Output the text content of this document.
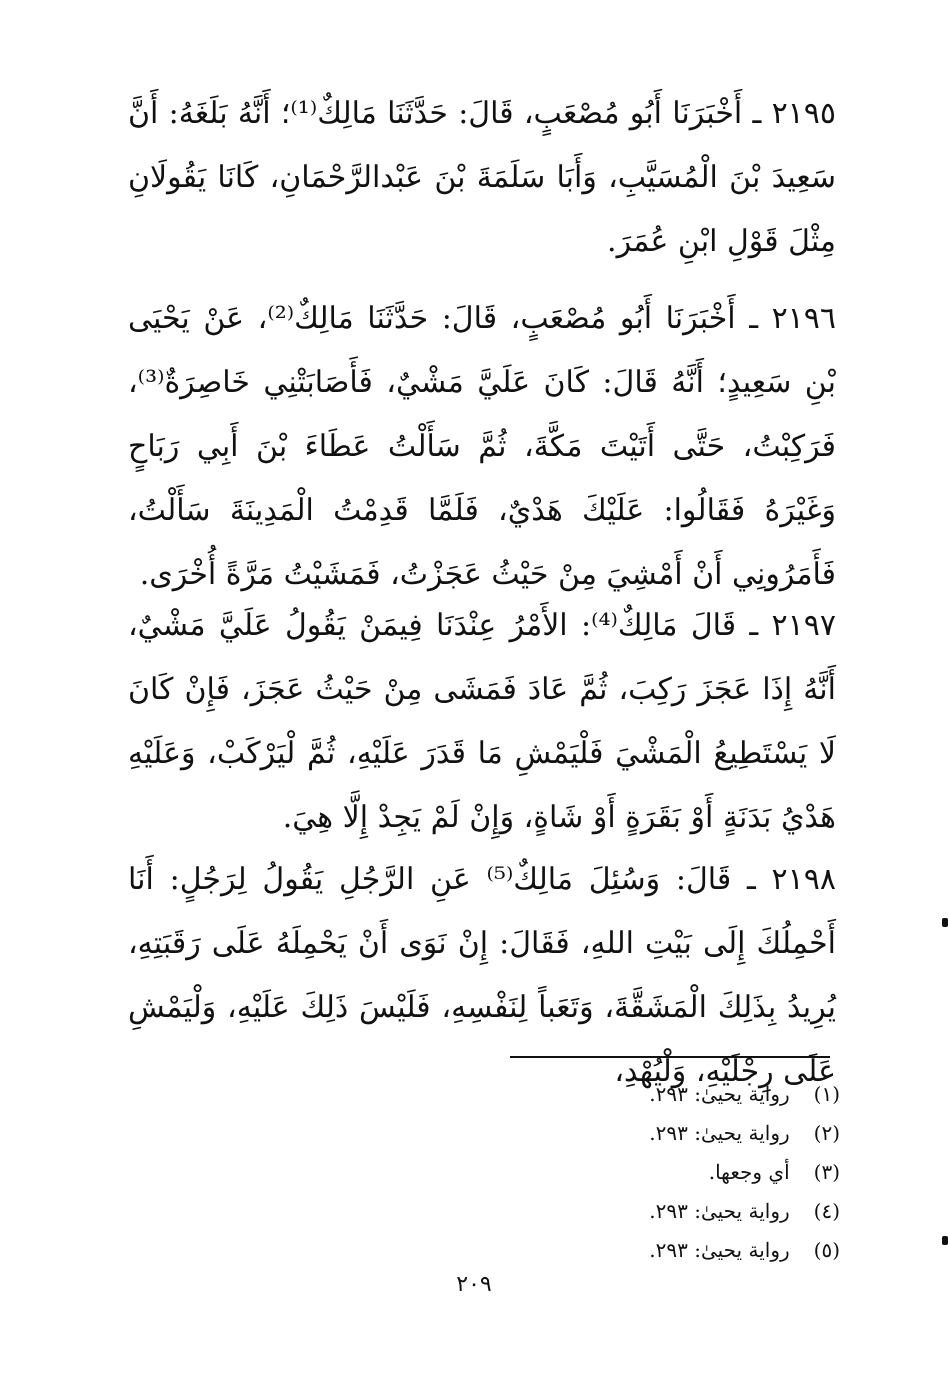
٢١٩٥ ـ أَخْبَرَنَا أَبُو مُصْعَبٍ، قَالَ: حَدَّثَنَا مَالِكٌ⁽¹⁾؛ أَنَّهُ بَلَغَهُ: أَنَّ سَعِيدَ بْنَ الْمُسَيَّبِ، وَأَبَا سَلَمَةَ بْنَ عَبْدالرَّحْمَانِ، كَانَا يَقُولَانِ مِثْلَ قَوْلِ ابْنِ عُمَرَ.

٢١٩٦ ـ أَخْبَرَنَا أَبُو مُصْعَبٍ، قَالَ: حَدَّثَنَا مَالِكٌ⁽²⁾، عَنْ يَحْيَى بْنِ سَعِيدٍ؛ أَنَّهُ قَالَ: كَانَ عَلَيَّ مَشْيٌ، فَأَصَابَتْنِي خَاصِرَةٌ⁽³⁾، فَرَكِبْتُ، حَتَّى أَتَيْتَ مَكَّةَ، ثُمَّ سَأَلْتُ عَطَاءَ بْنَ أَبِي رَبَاحٍ وَغَيْرَهُ فَقَالُوا: عَلَيْكَ هَدْيٌ، فَلَمَّا قَدِمْتُ الْمَدِينَةَ سَأَلْتُ، فَأَمَرُونِي أَنْ أَمْشِيَ مِنْ حَيْثُ عَجَزْتُ، فَمَشَيْتُ مَرَّةً أُخْرَى.

٢١٩٧ ـ قَالَ مَالِكٌ⁽⁴⁾: الأَمْرُ عِنْدَنَا فِيمَنْ يَقُولُ عَلَيَّ مَشْيٌ، أَنَّهُ إِذَا عَجَزَ رَكِبَ، ثُمَّ عَادَ فَمَشَى مِنْ حَيْثُ عَجَزَ، فَإِنْ كَانَ لَا يَسْتَطِيعُ الْمَشْيَ فَلْيَمْشِ مَا قَدَرَ عَلَيْهِ، ثُمَّ لْيَرْكَبْ، وَعَلَيْهِ هَدْيُ بَدَنَةٍ أَوْ بَقَرَةٍ أَوْ شَاةٍ، وَإِنْ لَمْ يَجِدْ إِلَّا هِيَ.

٢١٩٨ ـ قَالَ: وَسُئِلَ مَالِكٌ⁽⁵⁾ عَنِ الرَّجُلِ يَقُولُ لِرَجُلٍ: أَنَا أَحْمِلُكَ إِلَى بَيْتِ اللهِ، فَقَالَ: إِنْ نَوَى أَنْ يَحْمِلَهُ عَلَى رَقَبَتِهِ، يُرِيدُ بِذَلِكَ الْمَشَقَّةَ، وَتَعَباً لِنَفْسِهِ، فَلَيْسَ ذَلِكَ عَلَيْهِ، وَلْيَمْشِ عَلَى رِجْلَيْهِ، وَلْيُهْدِ،

(١) رواية يحيىٰ: ٢٩٣.
(٢) رواية يحيىٰ: ٢٩٣.
(٣) أي وجعها.
(٤) رواية يحيىٰ: ٢٩٣.
(٥) رواية يحيىٰ: ٢٩٣.
٢٠٩
